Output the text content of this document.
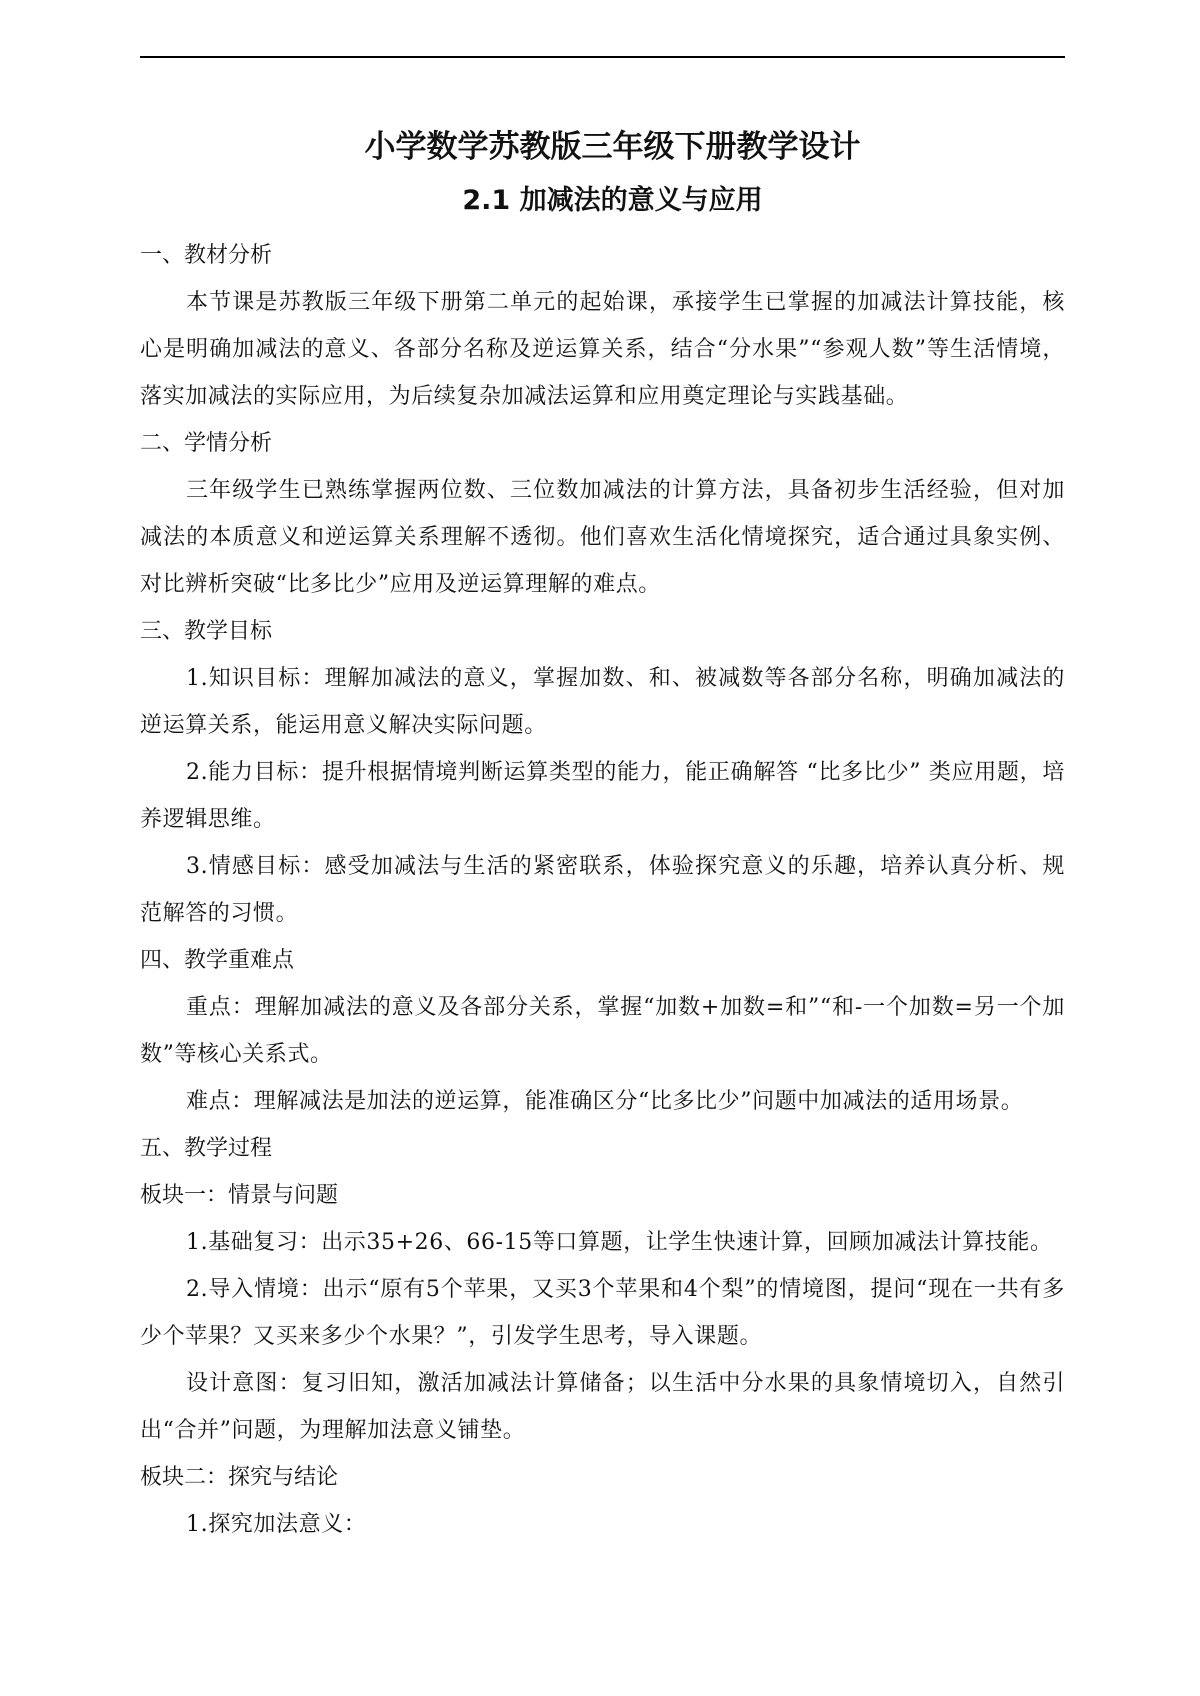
小学数学苏教版三年级下册教学设计
2.1 加减法的意义与应用

一、教材分析

本节课是苏教版三年级下册第二单元的起始课，承接学生已掌握的加减法计算技能，核心是明确加减法的意义、各部分名称及逆运算关系，结合“分水果”“参观人数”等生活情境，落实加减法的实际应用，为后续复杂加减法运算和应用奠定理论与实践基础。

二、学情分析

三年级学生已熟练掌握两位数、三位数加减法的计算方法，具备初步生活经验，但对加减法的本质意义和逆运算关系理解不透彻。他们喜欢生活化情境探究，适合通过具象实例、对比辨析突破“比多比少”应用及逆运算理解的难点。

三、教学目标

1.知识目标：理解加减法的意义，掌握加数、和、被减数等各部分名称，明确加减法的逆运算关系，能运用意义解决实际问题。

2.能力目标：提升根据情境判断运算类型的能力，能正确解答 “比多比少” 类应用题，培养逻辑思维。

3.情感目标：感受加减法与生活的紧密联系，体验探究意义的乐趣，培养认真分析、规范解答的习惯。

四、教学重难点

重点：理解加减法的意义及各部分关系，掌握“加数+加数=和”“和-一个加数=另一个加数”等核心关系式。

难点：理解减法是加法的逆运算，能准确区分“比多比少”问题中加减法的适用场景。

五、教学过程

板块一：情景与问题

1.基础复习：出示35+26、66-15等口算题，让学生快速计算，回顾加减法计算技能。

2.导入情境：出示“原有5个苹果，又买3个苹果和4个梨”的情境图，提问“现在一共有多少个苹果？又买来多少个水果？”，引发学生思考，导入课题。

设计意图：复习旧知，激活加减法计算储备；以生活中分水果的具象情境切入，自然引出“合并”问题，为理解加法意义铺垫。

板块二：探究与结论

1.探究加法意义：
